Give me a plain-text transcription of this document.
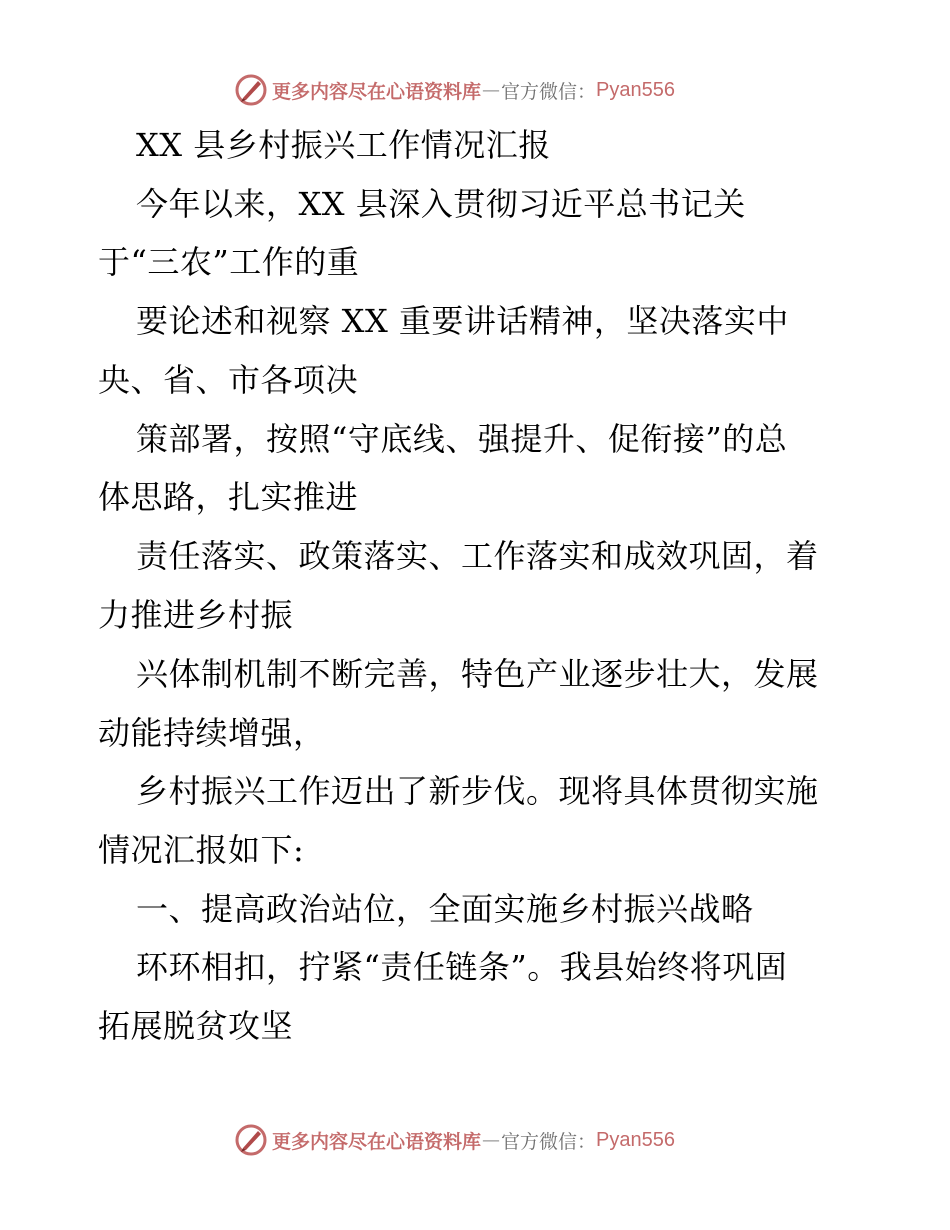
更多内容尽在心语资料库 — 官方微信： Pyan556
XX 县乡村振兴工作情况汇报
今年以来，XX 县深入贯彻习近平总书记关
于“三农”工作的重
要论述和视察 XX 重要讲话精神，坚决落实中
央、省、市各项决
策部署，按照“守底线、强提升、促衔接”的总
体思路，扎实推进
责任落实、政策落实、工作落实和成效巩固，着
力推进乡村振
兴体制机制不断完善，特色产业逐步壮大，发展
动能持续增强，
乡村振兴工作迈出了新步伐。现将具体贯彻实施
情况汇报如下:
一、提高政治站位，全面实施乡村振兴战略
环环相扣，拧紧“责任链条”。我县始终将巩固
拓展脱贫攻坚
更多内容尽在心语资料库 — 官方微信： Pyan556
